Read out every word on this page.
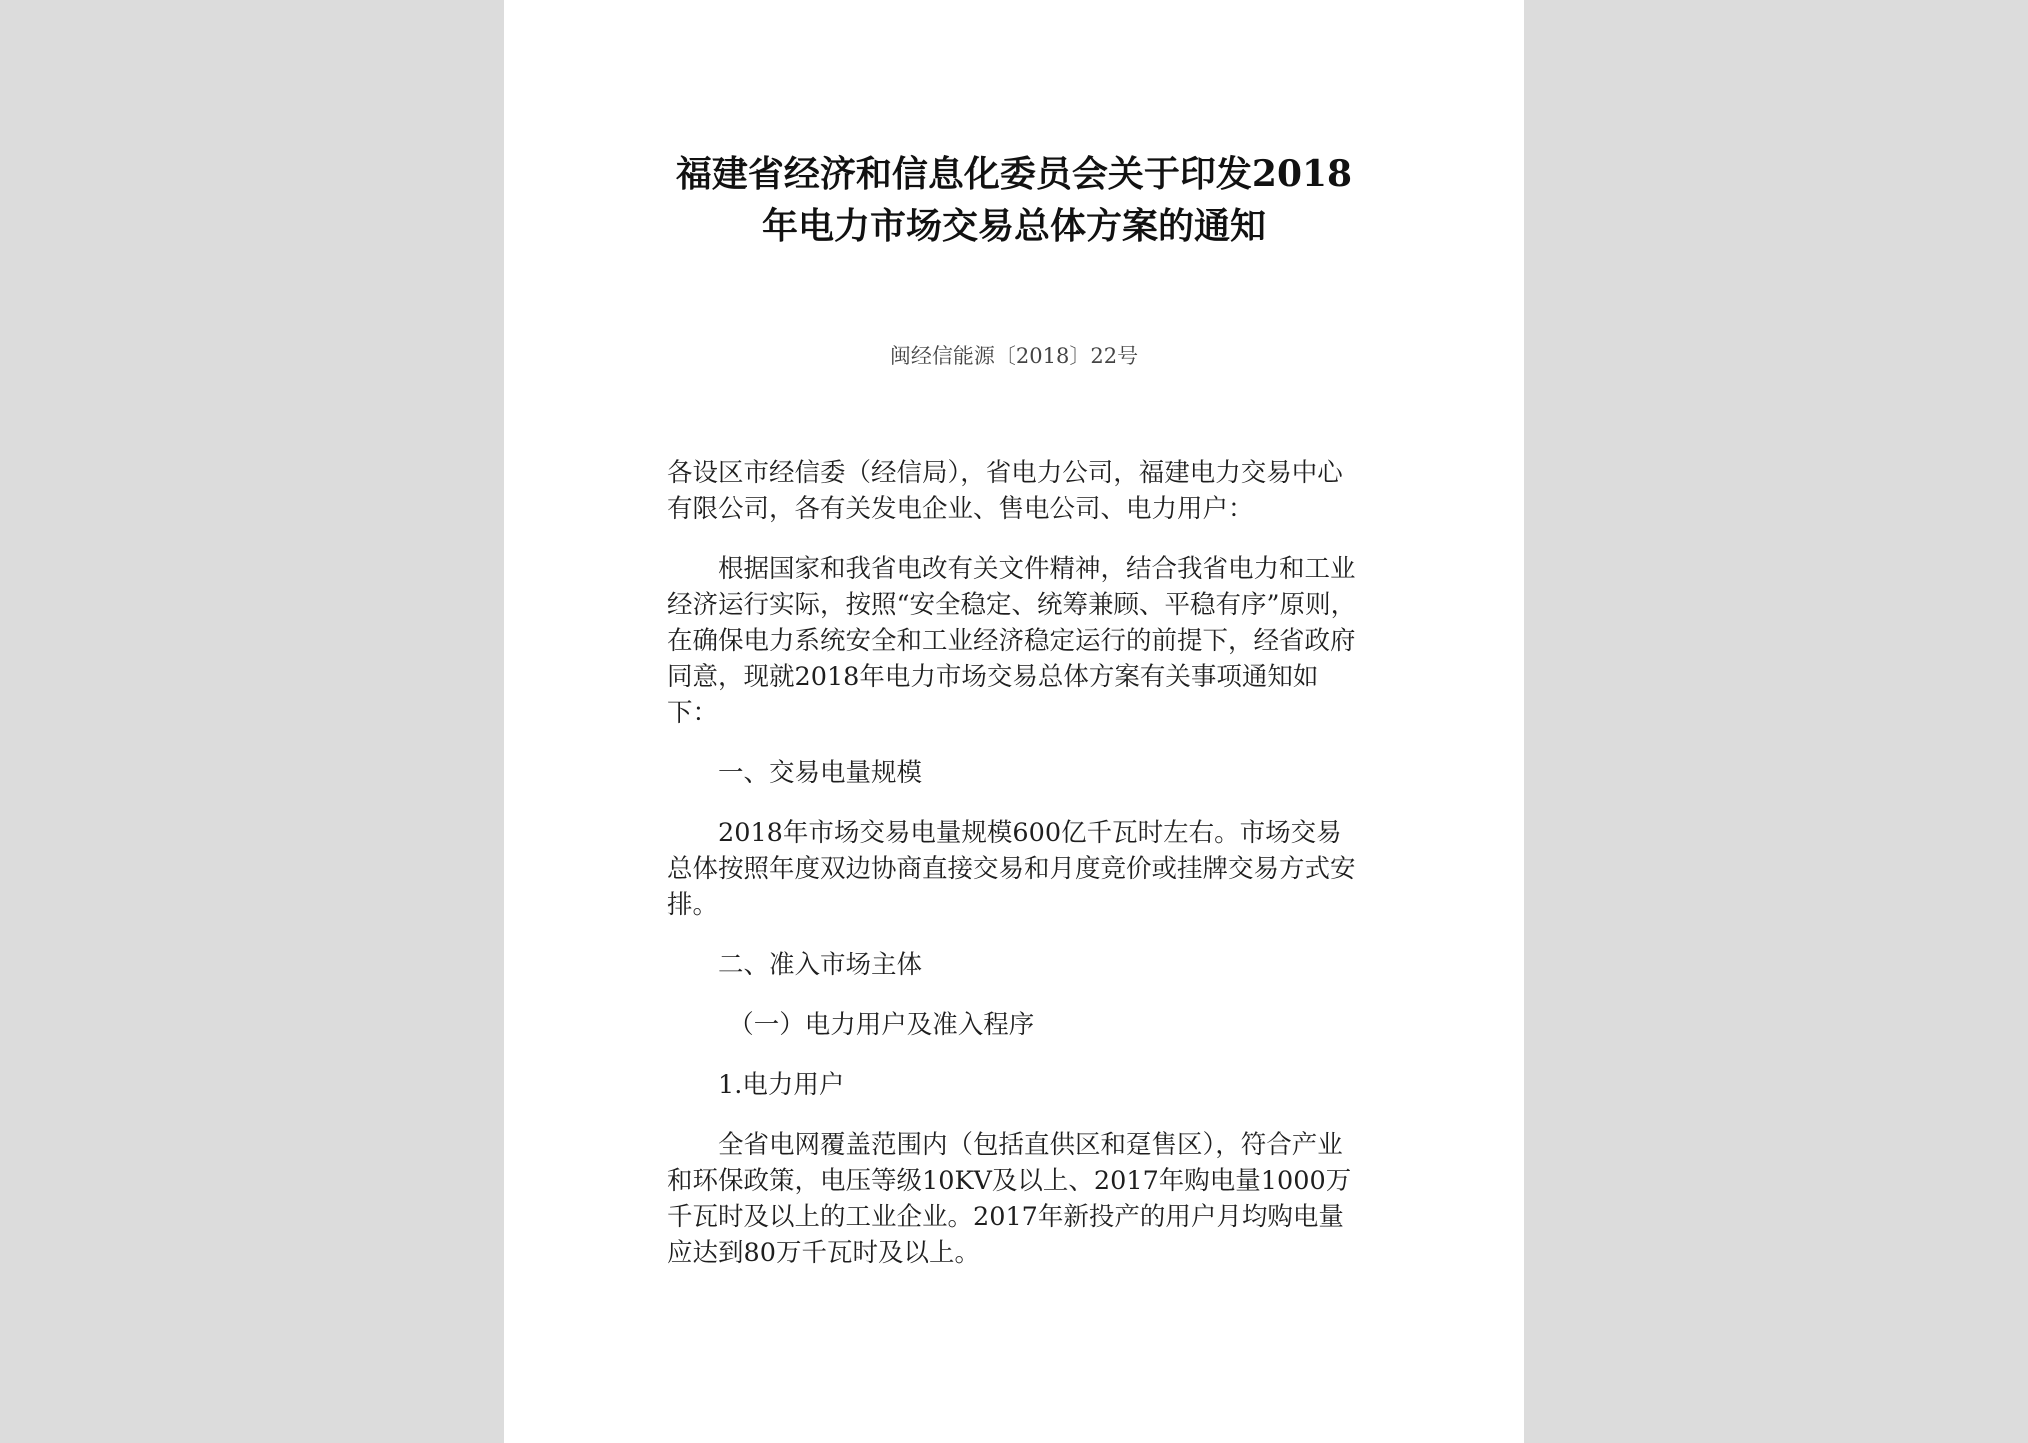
福建省经济和信息化委员会关于印发2018
年电力市场交易总体方案的通知
闽经信能源〔2018〕22号

各设区市经信委（经信局），省电力公司，福建电力交易中心有限公司，各有关发电企业、售电公司、电力用户：

根据国家和我省电改有关文件精神，结合我省电力和工业经济运行实际，按照“安全稳定、统筹兼顾、平稳有序”原则，在确保电力系统安全和工业经济稳定运行的前提下，经省政府同意，现就2018年电力市场交易总体方案有关事项通知如下：

一、交易电量规模

2018年市场交易电量规模600亿千瓦时左右。市场交易总体按照年度双边协商直接交易和月度竞价或挂牌交易方式安排。

二、准入市场主体

（一）电力用户及准入程序

1.电力用户

全省电网覆盖范围内（包括直供区和趸售区），符合产业和环保政策，电压等级10KV及以上、2017年购电量1000万千瓦时及以上的工业企业。2017年新投产的用户月均购电量应达到80万千瓦时及以上。
